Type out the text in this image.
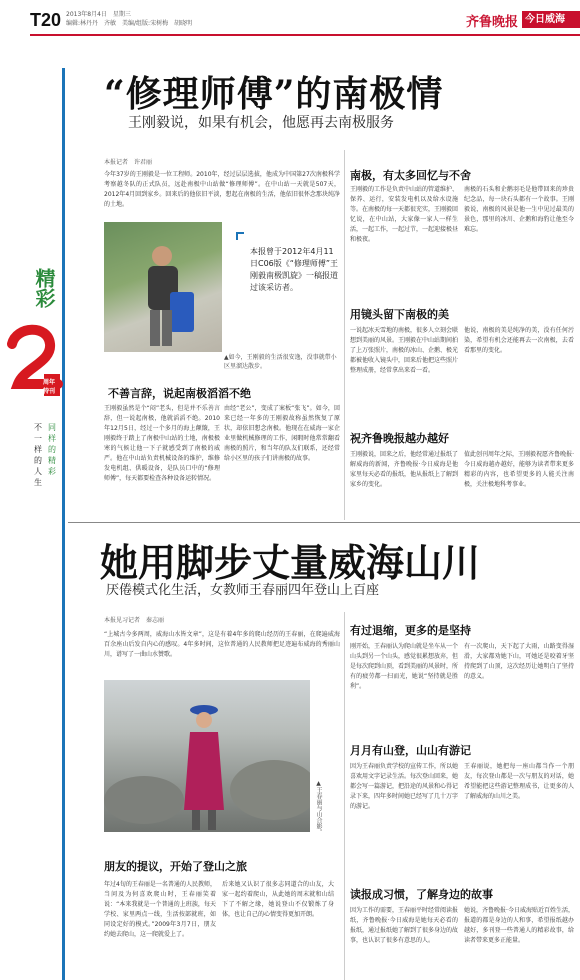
T20 2013年8月4日　星期三
编辑:林丹丹　齐敏　美编/组版:宋树梅　胡晓明	齐鲁晚报 今日威海
精彩
周年
特刊
不一样的人生
同样的精彩
“修理师傅”的南极情
王刚毅说，如果有机会，他愿再去南极服务
本报记者　许君丽
今年37岁的王刚毅是一位工程师。2010年，经过层层选拔，他成为中国第27次南极科学考察越冬队的正式队员，远赴南极中山站做“修理师傅”。在中山站一天就是507天，2012年4月回到家乡。回来后的他依旧平淡，想起在南极的生活，他依旧很怀念那块纯净的土地。
▲如今，王刚毅的生活很安逸，没事就带小区里溜达散步。
本报曾于2012年4月11日C06版《“修理师傅”王刚毅南极凯旋》一稿报道过该采访者。
不善言辞，说起南极滔滔不绝
王刚毅虽然是个“闷”老头，但是并不乐善言辞，但一说起南极，他就滔滔不绝。2010年12月5日，经过一个多月的海上颠簸，王刚毅终于踏上了南极中山站的土地，南极极寒的气候让他一下子就感受到了南极的威严。他在中山站负责机械设备的维护，维修发电机组、供暖设备，是队员口中的“修理师傅”，每天都要检查各种设备运转情况。
由经“老公”，变成了案板“张飞”。如今，回来已经一年多的王刚毅故称虽然恢复了原状，却依旧想念南极。他现在在威海一家企业里做机械修理的工作，闲暇时他常常翻看南极的照片，和当年的队友们联系，还经常给小区里的孩子们讲南极的故事。
南极，有太多回忆与不舍
王刚毅的工作是负责中山站的管道维护、保养、运行，安装发电机以及给水设施等。在南极的每一天都很充实，王刚毅回忆说，在中山站，大家像一家人一样生活，一起工作，一起过节，一起迎接极昼和极夜。
南极的石头和企鹅羽毛是他带回来的珍贵纪念品，每一块石头都有一个故事。王刚毅说，南极的风景是他一生中见过最美的景色，那里的冰川、企鹅和海豹让他至今难忘。
用镜头留下南极的美
一说起冰天雪地的南极，很多人立刻会联想到美丽的风景。王刚毅在中山站期间拍了上万张照片，南极的冰山、企鹅、极光都被他收入镜头中，回来后他把这些照片整理成册，经常拿出来看一看。
他说，南极的美是纯净的美，没有任何污染，希望有机会还能再去一次南极，去看看那里的变化。
祝齐鲁晚报越办越好
王刚毅说，回来之后，他经常通过报纸了解威海的新闻，齐鲁晚报·今日威海是他家里每天必看的报纸，他从报纸上了解到家乡的变化。
值此创刊周年之际，王刚毅祝愿齐鲁晚报·今日威海越办越好，能够为读者带来更多精彩的内容，也希望更多的人能关注南极，关注极地科考事业。
她用脚步丈量威海山川
厌倦模式化生活，女教师王春丽四年登山上百座
本报见习记者　秦志丽
“上城古今多两周，威海山水皆文章”，这是有着4年多的爬山经历的王春丽，在爬遍威海百余座山后发自内心的感叹。4年多时间，这位普通的人民教师把足迹遍布威海的秀丽山川，谱写了一曲山水赞歌。
▲王春丽与山合影。
朋友的提议，开始了登山之旅
年过4旬的王春丽是一名普通的人民教师，当问及为何喜欢爬山时，王春丽笑着说：“本来我就是一个普通的上班族，每天学校、家里两点一线，生活按部就班，如同设定好的模式。”2009年3月7日，朋友约她去爬山，这一爬就爱上了。
后来她又认识了很多志同道合的山友，大家一起约着爬山，从此她的周末就和山结下了不解之缘，她说登山不仅锻炼了身体，也让自己的心情变得更加开朗。
有过退缩，更多的是坚持
刚开始，王春丽认为爬山就是坐车从一个山头到另一个山头，感觉很累想放弃，但是每次爬到山顶，看到美丽的风景时，所有的疲劳都一扫而光，她说“坚持就是胜利”。
有一次爬山，天下起了大雨，山路变得湿滑，大家都劝她下山，可她还是咬着牙坚持爬到了山顶，这次经历让她明白了坚持的意义。
月月有山登，山山有游记
因为王春丽负责学校的宣传工作，所以她喜欢用文字记录生活。每次登山回来，她都会写一篇游记，把沿途的风景和心得记录下来，四年多时间她已经写了几十万字的游记。
王春丽说，她把每一座山都当作一个朋友，每次登山都是一次与朋友的对话，她希望能把这些游记整理成书，让更多的人了解威海的山川之美。
读报成习惯，了解身边的故事
因为工作的需要，王春丽平时经常阅读报纸，齐鲁晚报·今日威海是她每天必看的报纸，通过报纸她了解到了很多身边的故事，也认识了很多有意思的人。
她说，齐鲁晚报·今日威海贴近百姓生活，报道的都是身边的人和事，希望报纸越办越好，多刊登一些普通人的精彩故事，给读者带来更多正能量。
